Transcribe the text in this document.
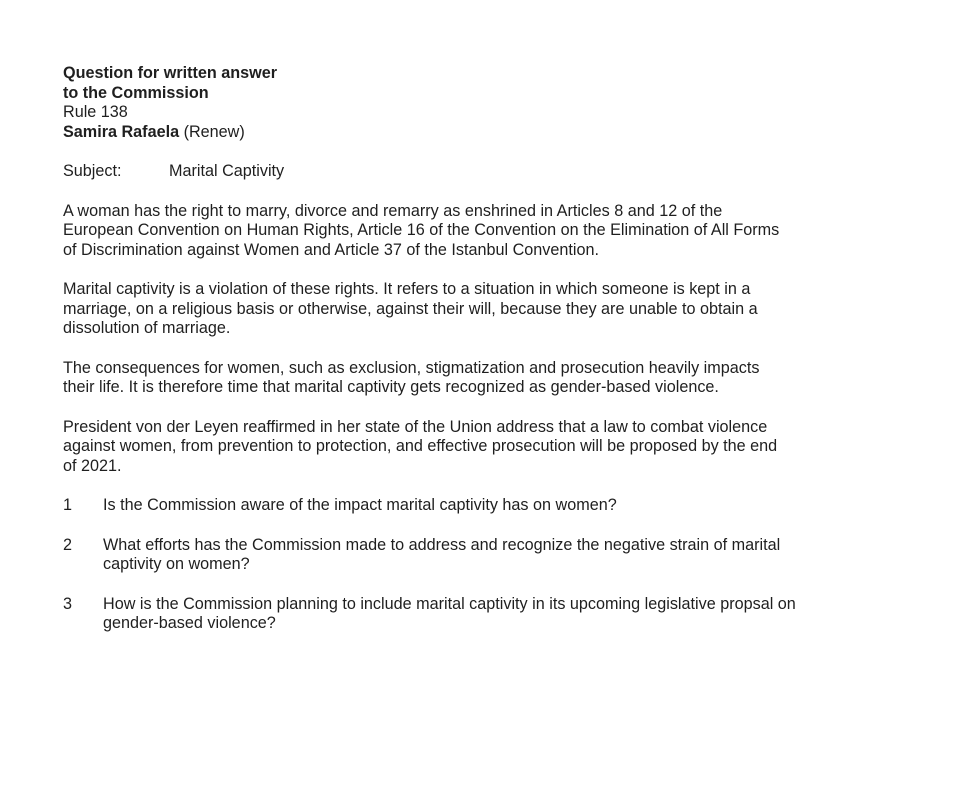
Question for written answer
to the Commission
Rule 138
Samira Rafaela (Renew)
Subject:	Marital Captivity
A woman has the right to marry, divorce and remarry as enshrined in Articles 8 and 12 of the
European Convention on Human Rights, Article 16 of the Convention on the Elimination of All Forms
of Discrimination against Women and Article 37 of the Istanbul Convention.
Marital captivity is a violation of these rights. It refers to a situation in which someone is kept in a
marriage, on a religious basis or otherwise, against their will, because they are unable to obtain a
dissolution of marriage.
The consequences for women, such as exclusion, stigmatization and prosecution heavily impacts
their life. It is therefore time that marital captivity gets recognized as gender-based violence.
President von der Leyen reaffirmed in her state of the Union address that a law to combat violence
against women, from prevention to protection, and effective prosecution will be proposed by the end
of 2021.
1	Is the Commission aware of the impact marital captivity has on women?
2	What efforts has the Commission made to address and recognize the negative strain of marital
captivity on women?
3	How is the Commission planning to include marital captivity in its upcoming legislative propsal on
gender-based violence?
